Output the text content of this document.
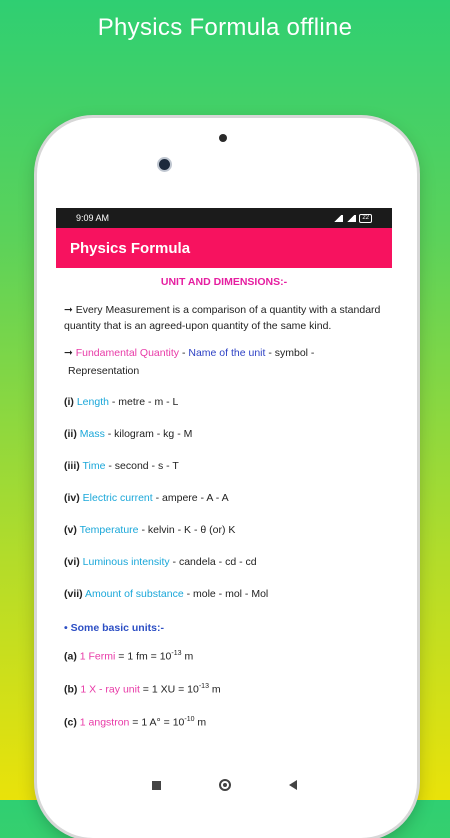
Physics Formula offline
9:09 AM	22
Physics Formula
UNIT AND DIMENSIONS:-
➞ Every Measurement is a comparison of a quantity with a standard quantity that is an agreed-upon quantity of the same kind.
➞ Fundamental Quantity - Name of the unit - symbol -
Representation
(i) Length - metre - m - L
(ii) Mass - kilogram - kg - M
(iii) Time - second - s - T
(iv) Electric current - ampere - A - A
(v) Temperature - kelvin - K - θ (or) K
(vi) Luminous intensity - candela - cd - cd
(vii) Amount of substance - mole - mol - Mol
• Some basic units:-
(a) 1 Fermi = 1 fm = $10^{-13}$ m
(b) 1 X - ray unit = 1 XU = $10^{-13}$ m
(c) 1 angstron = 1 $A^\circ = 10^{-10}$ m
